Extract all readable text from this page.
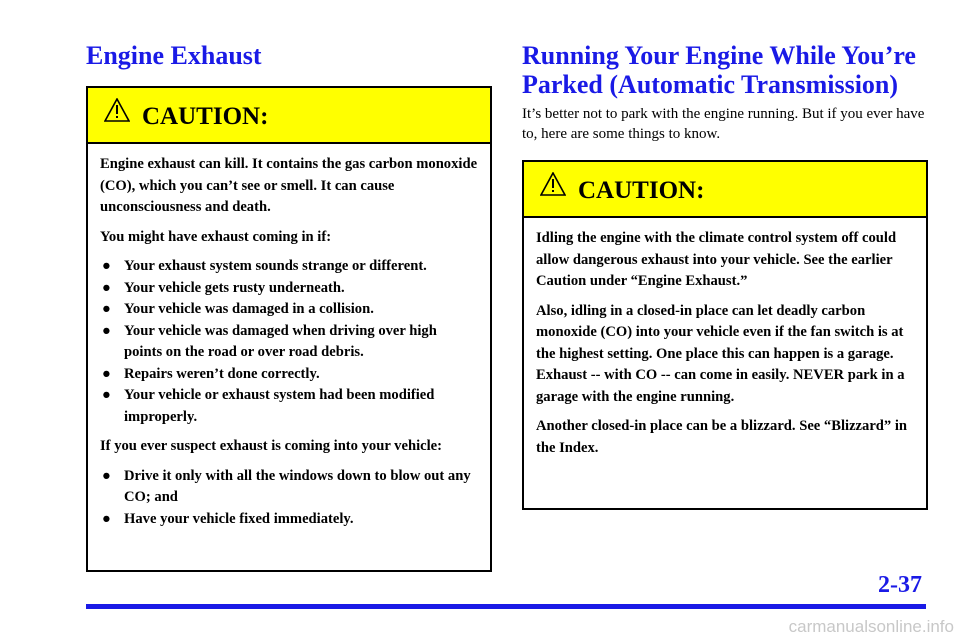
Engine Exhaust
CAUTION:

Engine exhaust can kill. It contains the gas carbon monoxide (CO), which you can’t see or smell. It can cause unconsciousness and death.

You might have exhaust coming in if:

● Your exhaust system sounds strange or different.
● Your vehicle gets rusty underneath.
● Your vehicle was damaged in a collision.
● Your vehicle was damaged when driving over high points on the road or over road debris.
● Repairs weren’t done correctly.
● Your vehicle or exhaust system had been modified improperly.

If you ever suspect exhaust is coming into your vehicle:

● Drive it only with all the windows down to blow out any CO; and
● Have your vehicle fixed immediately.
Running Your Engine While You’re Parked (Automatic Transmission)

It’s better not to park with the engine running. But if you ever have to, here are some things to know.

CAUTION:

Idling the engine with the climate control system off could allow dangerous exhaust into your vehicle. See the earlier Caution under “Engine Exhaust.”

Also, idling in a closed-in place can let deadly carbon monoxide (CO) into your vehicle even if the fan switch is at the highest setting. One place this can happen is a garage. Exhaust -- with CO -- can come in easily. NEVER park in a garage with the engine running.

Another closed-in place can be a blizzard. See “Blizzard” in the Index.

2-37
carmanualsonline.info
